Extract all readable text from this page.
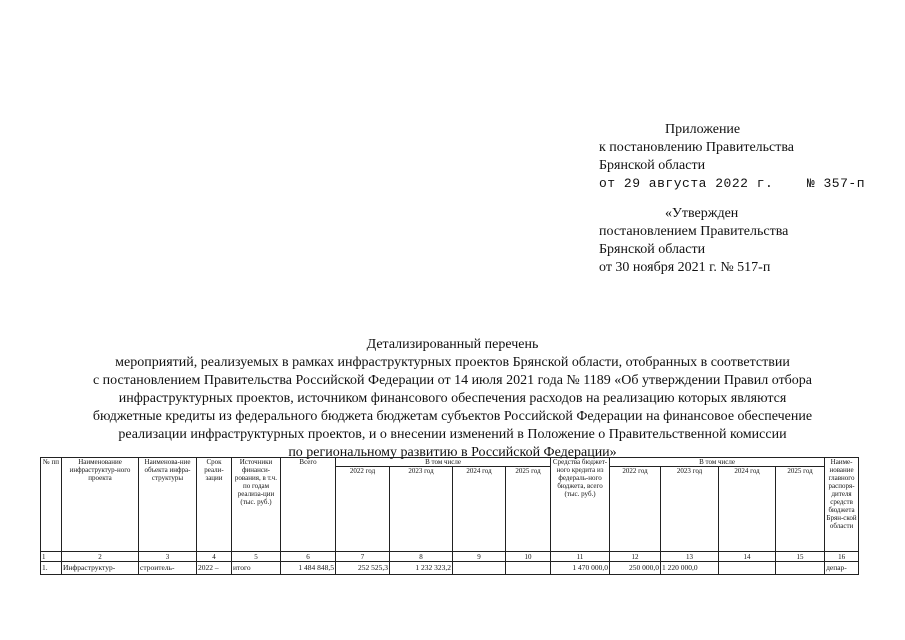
Приложение
к постановлению Правительства
Брянской области
от 29 августа 2022 г.	№ 357-п
«Утвержден
постановлением Правительства
Брянской области
от 30 ноября 2021 г. № 517-п
Детализированный перечень
мероприятий, реализуемых в рамках инфраструктурных проектов Брянской области, отобранных в соответствии
с постановлением Правительства Российской Федерации от 14 июля 2021 года № 1189 «Об утверждении Правил отбора
инфраструктурных проектов, источником финансового обеспечения расходов на реализацию которых являются
бюджетные кредиты из федерального бюджета бюджетам субъектов Российской Федерации на финансовое обеспечение
реализации инфраструктурных проектов, и о внесении изменений в Положение о Правительственной комиссии
по региональному развитию в Российской Федерации»
№ пп	Наименование инфраструктур-ного проекта	Наименова-ние объекта инфра-структуры	Срок реали-зации	Источники финанси-рования, в т.ч. по годам реализа-ции (тыс. руб.)	Всего	В том числе				Средства бюджет-ного кредита из федераль-ного бюджета, всего (тыс. руб.)	В том числе				Наиме-нование главного распоря-дителя средств бюджета Брян-ской области
						2022 год	2023 год	2024 год	2025 год		2022 год	2023 год	2024 год	2025 год	
1	2	3	4	5	6	7	8	9	10	11	12	13	14	15	16
1.	Инфраструктур-	строитель-	2022 –	итого	1 484 848,5	252 525,3	1 232 323,2			1 470 000,0	250 000,0	1 220 000,0			депар-
